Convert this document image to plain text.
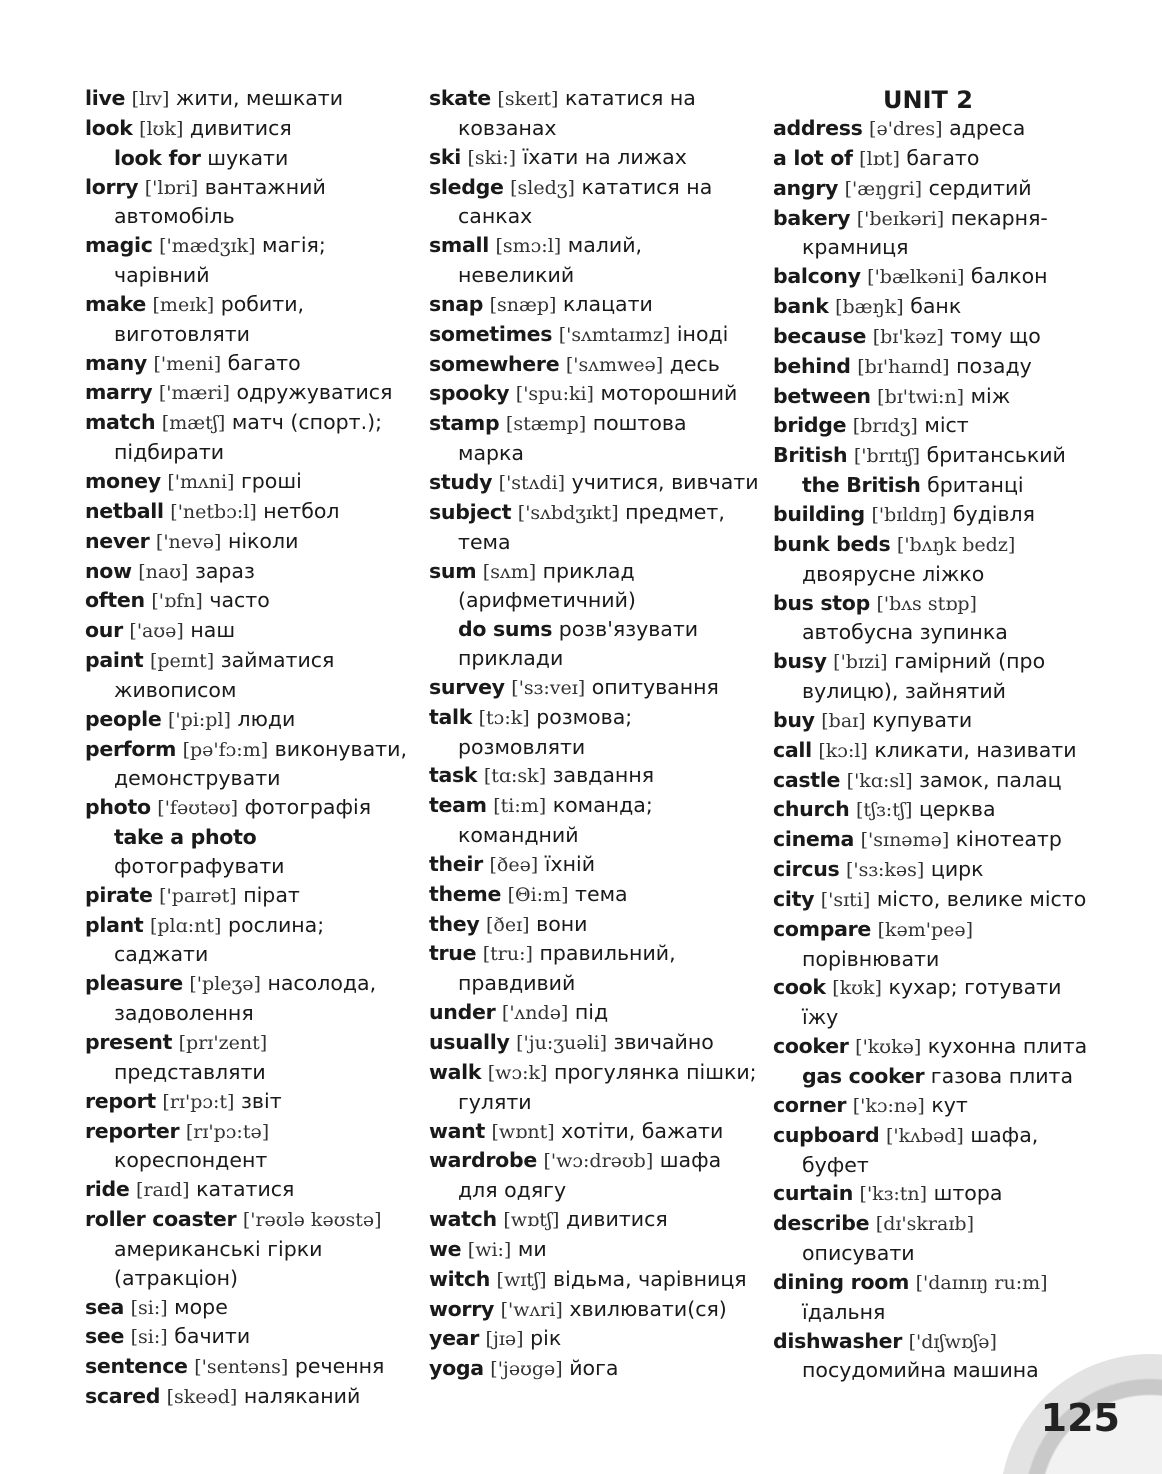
live [lɪv] жити, мешкати
look [lʊk] дивитися
look for шукати
lorry ['lɒri] вантажний автомобіль
magic ['mædʒɪk] магія; чарівний
make [meɪk] робити, виготовляти
many ['meni] багато
marry ['mæri] одружуватися
match [mætʃ] матч (спорт.); підбирати
money ['mʌni] гроші
netball ['netbɔ:l] нетбол
never ['nevə] ніколи
now [naʊ] зараз
often ['ɒfn] часто
our ['aʊə] наш
paint [peɪnt] займатися живописом
people ['pi:pl] люди
perform [pə'fɔ:m] виконувати, демонструвати
photo ['fəʊtəʊ] фотографія
take a photo фотографувати
pirate ['paɪrət] пірат
plant [plɑ:nt] рослина; саджати
pleasure ['pleʒə] насолода, задоволення
present [prɪ'zent] представляти
report [rɪ'pɔ:t] звіт
reporter [rɪ'pɔ:tə] кореспондент
ride [raɪd] кататися
roller coaster ['rəʊlə kəʊstə] американські гірки (атракціон)
sea [si:] море
see [si:] бачити
sentence ['sentəns] речення
scared [skeəd] наляканий
skate [skeɪt] кататися на ковзанах
ski [ski:] їхати на лижах
sledge [sledʒ] кататися на санках
small [smɔ:l] малий, невеликий
snap [snæp] клацати
sometimes ['sʌmtaɪmz] іноді
somewhere ['sʌmweə] десь
spooky ['spu:ki] моторошний
stamp [stæmp] поштова марка
study ['stʌdi] учитися, вивчати
subject ['sʌbdʒɪkt] предмет, тема
sum [sʌm] приклад (арифметичний)
do sums розв'язувати приклади
survey ['sɜ:veɪ] опитування
talk [tɔ:k] розмова; розмовляти
task [tɑ:sk] завдання
team [ti:m] команда; командний
their [ðeə] їхній
theme [Θi:m] тема
they [ðeɪ] вони
true [tru:] правильний, правдивий
under ['ʌndə] під
usually ['ju:ʒuəli] звичайно
walk [wɔ:k] прогулянка пішки; гуляти
want [wɒnt] хотіти, бажати
wardrobe ['wɔ:drəʊb] шафа для одягу
watch [wɒtʃ] дивитися
we [wi:] ми
witch [wɪtʃ] відьма, чарівниця
worry ['wʌri] хвилювати(ся)
year [jɪə] рік
yoga ['jəʊgə] йога
UNIT 2
address [ə'dres] адреса
a lot of [lɒt] багато
angry ['æŋgri] сердитий
bakery ['beɪkəri] пекарня-крамниця
balcony ['bælkəni] балкон
bank [bæŋk] банк
because [bɪ'kəz] тому що
behind [bɪ'haɪnd] позаду
between [bɪ'twi:n] між
bridge [brɪdʒ] міст
British ['brɪtɪʃ] британський
the British британці
building ['bɪldɪŋ] будівля
bunk beds ['bʌŋk bedz] двоярусне ліжко
bus stop ['bʌs stɒp] автобусна зупинка
busy ['bɪzi] гамірний (про вулицю), зайнятий
buy [baɪ] купувати
call [kɔ:l] кликати, називати
castle ['kɑ:sl] замок, палац
church [tʃɜ:tʃ] церква
cinema ['sɪnəmə] кінотеатр
circus ['sɜ:kəs] цирк
city ['sɪti] місто, велике місто
compare [kəm'peə] порівнювати
cook [kʊk] кухар; готувати їжу
cooker ['kʊkə] кухонна плита
gas cooker газова плита
corner ['kɔ:nə] кут
cupboard ['kʌbəd] шафа, буфет
curtain ['kɜ:tn] штора
describe [dɪ'skraɪb] описувати
dining room ['daɪnɪŋ ru:m] їдальня
dishwasher ['dɪʃwɒʃə] посудомийна машина
125
